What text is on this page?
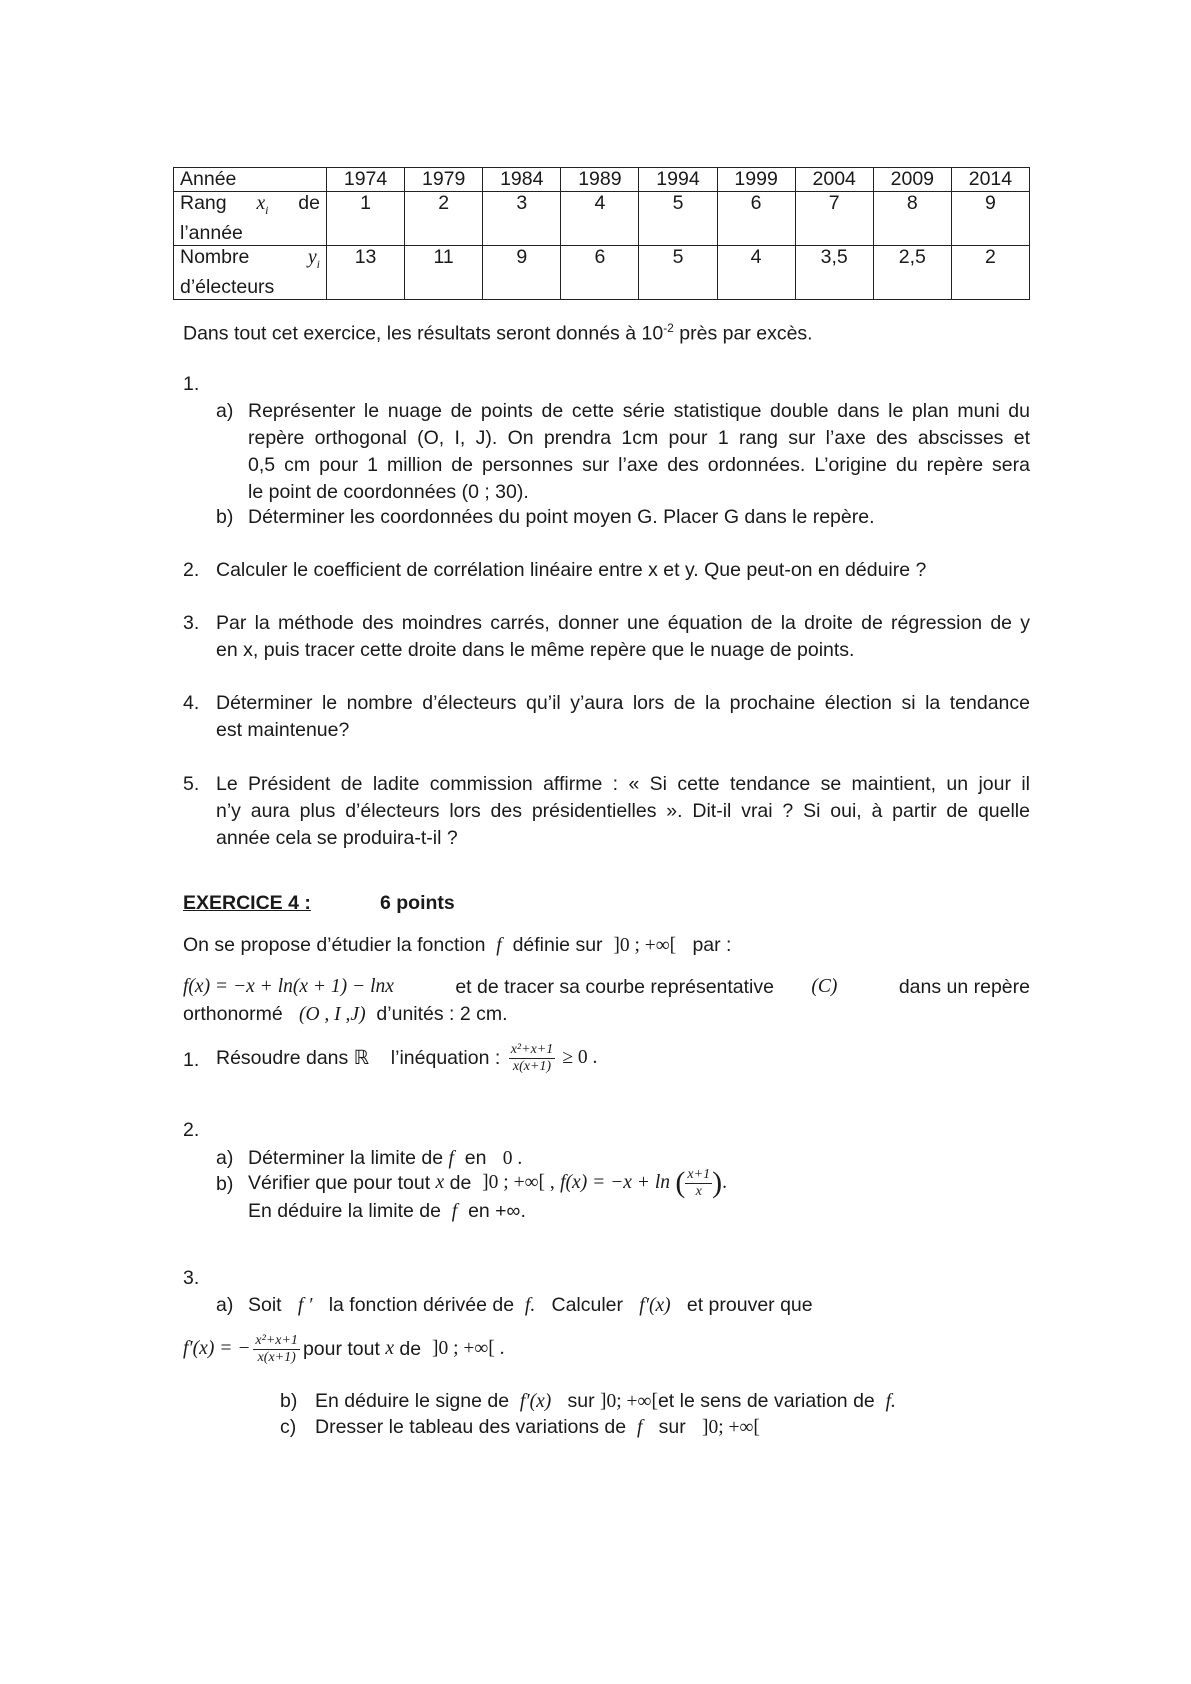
Année	1974	1979	1984	1989	1994	1999	2004	2009	2014

Rang $x_i$ de
l’année	1	2	3	4	5	6	7	8	9

Nombre $y_i$
d’électeurs	13	11	9	6	5	4	3,5	2,5	2
Dans tout cet exercice, les résultats seront donnés à $10^{-2}$ près par excès.
1.
a) Représenter le nuage de points de cette série statistique double dans le plan muni du
repère orthogonal (O, I, J). On prendra 1cm pour 1 rang sur l’axe des abscisses et
0,5 cm pour 1 million de personnes sur l’axe des ordonnées. L’origine du repère sera
le point de coordonnées (0 ; 30).
b) Déterminer les coordonnées du point moyen G. Placer G dans le repère.
2. Calculer le coefficient de corrélation linéaire entre x et y. Que peut-on en déduire ?
3. Par la méthode des moindres carrés, donner une équation de la droite de régression de y
en x, puis tracer cette droite dans le même repère que le nuage de points.
4. Déterminer le nombre d’électeurs qu’il y’aura lors de la prochaine élection si la tendance
est maintenue?
5. Le Président de ladite commission affirme : « Si cette tendance se maintient, un jour il
n’y aura plus d’électeurs lors des présidentielles ». Dit-il vrai ? Si oui, à partir de quelle
année cela se produira-t-il ?
EXERCICE 4 :	6 points
On se propose d’étudier la fonction f définie sur ]0 ; +∞[ par :
f(x) = −x + ln(x + 1) − lnx	et de tracer sa courbe représentative (C)	dans un repère
orthonormé (O , I ,J) d’unités : 2 cm.
1. Résoudre dans ℝ
l’inéquation :
$\frac{\text{x²+x+1}}{x(x+1)} \ge 0$ .
2.
a) Déterminer la limite de f en 0 .
b) Vérifier que pour tout
x
de
]0 ; +∞[ ,
f(x) = −x + ln
( $\frac{x+1}{x}$ ) .
En déduire la limite de f en +∞.
3.
a) Soit f ′ la fonction dérivée de f. Calculer f′(x) et prouver que
f′(x) = − $\frac{\text{x²+x+1}}{x(x+1)}$ pour tout
x
de
]0 ; +∞[ .
b) En déduire le signe de f′(x) sur ]0; +∞[et le sens de variation de f.
c) Dresser le tableau des variations de f sur ]0; +∞[
